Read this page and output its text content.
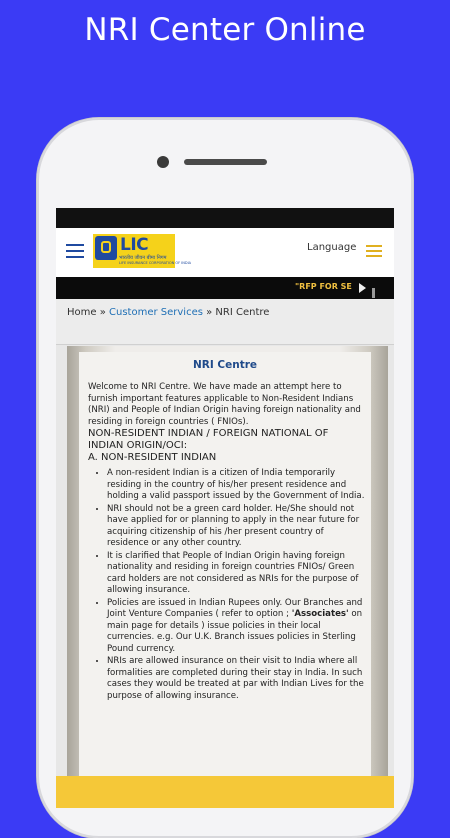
NRI Center Online
LIC
भारतीय जीवन बीमा निगम
LIFE INSURANCE CORPORATION OF INDIA
Language
"RFP FOR SE
Home » Customer Services » NRI Centre
NRI Centre

Welcome to NRI Centre. We have made an attempt here to furnish important features applicable to Non-Resident Indians (NRI) and People of Indian Origin having foreign nationality and residing in foreign countries ( FNIOs).

NON-RESIDENT INDIAN / FOREIGN NATIONAL OF INDIAN ORIGIN/OCI:

A. NON-RESIDENT INDIAN

• A non-resident Indian is a citizen of India temporarily residing in the country of his/her present residence and holding a valid passport issued by the Government of India.
• NRI should not be a green card holder. He/She should not have applied for or planning to apply in the near future for acquiring citizenship of his /her present country of residence or any other country.
• It is clarified that People of Indian Origin having foreign nationality and residing in foreign countries FNIOs/ Green card holders are not considered as NRIs for the purpose of allowing insurance.
• Policies are issued in Indian Rupees only. Our Branches and Joint Venture Companies ( refer to option ; 'Associates' on main page for details ) issue policies in their local currencies. e.g. Our U.K. Branch issues policies in Sterling Pound currency.
• NRIs are allowed insurance on their visit to India where all formalities are completed during their stay in India. In such cases they would be treated at par with Indian Lives for the purpose of allowing insurance.
